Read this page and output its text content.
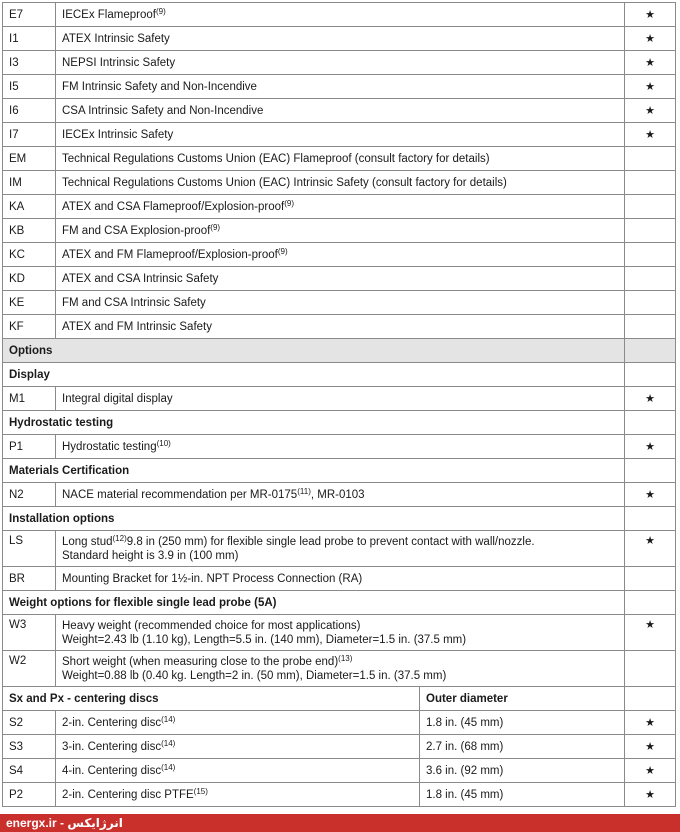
E7	IECEx Flameproof$^{(9)}$		★
I1	ATEX Intrinsic Safety		★
I3	NEPSI Intrinsic Safety		★
I5	FM Intrinsic Safety and Non-Incendive		★
I6	CSA Intrinsic Safety and Non-Incendive		★
I7	IECEx Intrinsic Safety		★
EM	Technical Regulations Customs Union (EAC) Flameproof (consult factory for details)		
IM	Technical Regulations Customs Union (EAC) Intrinsic Safety (consult factory for details)		
KA	ATEX and CSA Flameproof/Explosion-proof$^{(9)}$	
KB	FM and CSA Explosion-proof$^{(9)}$	
KC	ATEX and FM Flameproof/Explosion-proof$^{(9)}$	
KD	ATEX and CSA Intrinsic Safety		
KE	FM and CSA Intrinsic Safety		
KF	ATEX and FM Intrinsic Safety		
Options			
Display			
M1	Integral digital display		★
Hydrostatic testing			
P1	Hydrostatic testing$^{(10)}$		★
Materials Certification			
N2	NACE material recommendation per MR-0175$^{(11)}$, MR-0103		★
Installation options			
LS	Long stud$^{(12)}$9.8 in (250 mm) for flexible single lead probe to prevent contact with wall/nozzle.
Standard height is 3.9 in (100 mm)		★
BR	Mounting Bracket for 1½-in. NPT Process Connection (RA)		
Weight options for flexible single lead probe (5A)			
W3	Heavy weight (recommended choice for most applications)
Weight=2.43 lb (1.10 kg), Length=5.5 in. (140 mm), Diameter=1.5 in. (37.5 mm)		★
W2	Short weight (when measuring close to the probe end)$^{(13)}$
Weight=0.88 lb (0.40 kg. Length=2 in. (50 mm), Diameter=1.5 in. (37.5 mm)		
Sx and Px - centering discs		Outer diameter	
S2	2-in. Centering disc$^{(14)}$	1.8 in. (45 mm)	★
S3	3-in. Centering disc$^{(14)}$	2.7 in. (68 mm)	★
S4	4-in. Centering disc$^{(14)}$	3.6 in. (92 mm)	★
P2	2-in. Centering disc PTFE$^{(15)}$	1.8 in. (45 mm)	★
energx.ir - انرژایکس
